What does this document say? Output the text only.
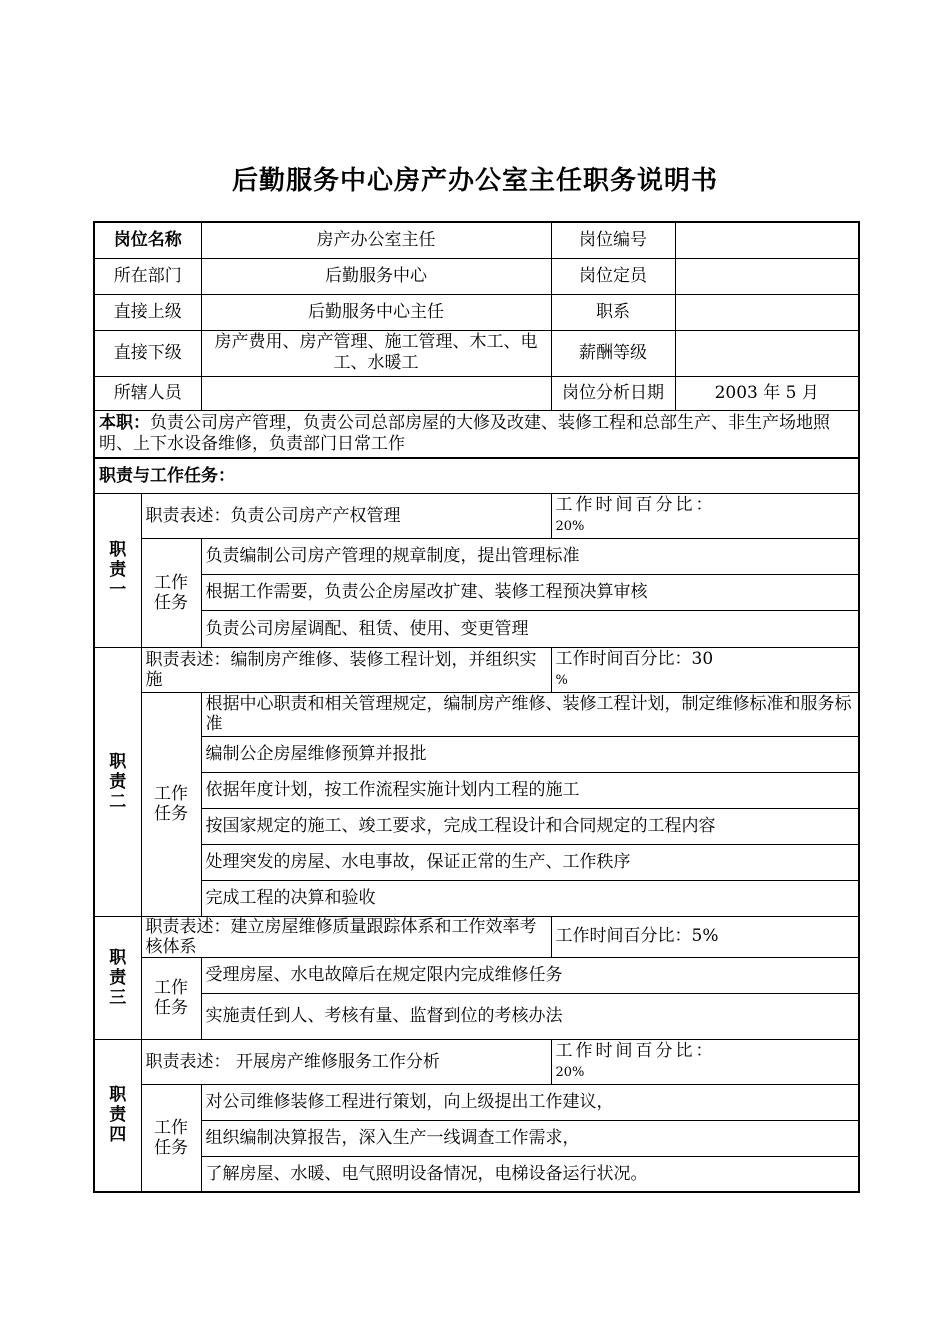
后勤服务中心房产办公室主任职务说明书
岗位名称		房产办公室主任	岗位编号	
所在部门		后勤服务中心	岗位定员	
直接上级		后勤服务中心主任	职系	
直接下级		房产费用、房产管理、施工管理、木工、电工、水暖工	薪酬等级	
所辖人员			岗位分析日期	2003 年 5 月
本职：负责公司房产管理，负责公司总部房屋的大修及改建、装修工程和总部生产、非生产场地照明、上下水设备维修，负责部门日常工作				
职责与工作任务：				
职责一	职责表述：负责公司房产产权管理		工作时间百分比：
20%	
	工作任务	负责编制公司房产管理的规章制度，提出管理标准		
		根据工作需要，负责公企房屋改扩建、装修工程预决算审核		
		负责公司房屋调配、租赁、使用、变更管理		
职责二	职责表述：编制房产维修、装修工程计划，并组织实施		工作时间百分比：30
%	
	工作任务	根据中心职责和相关管理规定，编制房产维修、装修工程计划，制定维修标准和服务标准		
		编制公企房屋维修预算并报批		
		依据年度计划，按工作流程实施计划内工程的施工		
		按国家规定的施工、竣工要求，完成工程设计和合同规定的工程内容		
		处理突发的房屋、水电事故，保证正常的生产、工作秩序		
		完成工程的决算和验收		
职责三	职责表述：建立房屋维修质量跟踪体系和工作效率考核体系		工作时间百分比：5%	
	工作任务	受理房屋、水电故障后在规定限内完成维修任务		
		实施责任到人、考核有量、监督到位的考核办法		
职责四	职责表述： 开展房产维修服务工作分析		工作时间百分比：
20%	
	工作任务	对公司维修装修工程进行策划，向上级提出工作建议，		
		组织编制决算报告，深入生产一线调查工作需求，		
		了解房屋、水暖、电气照明设备情况，电梯设备运行状况。		
